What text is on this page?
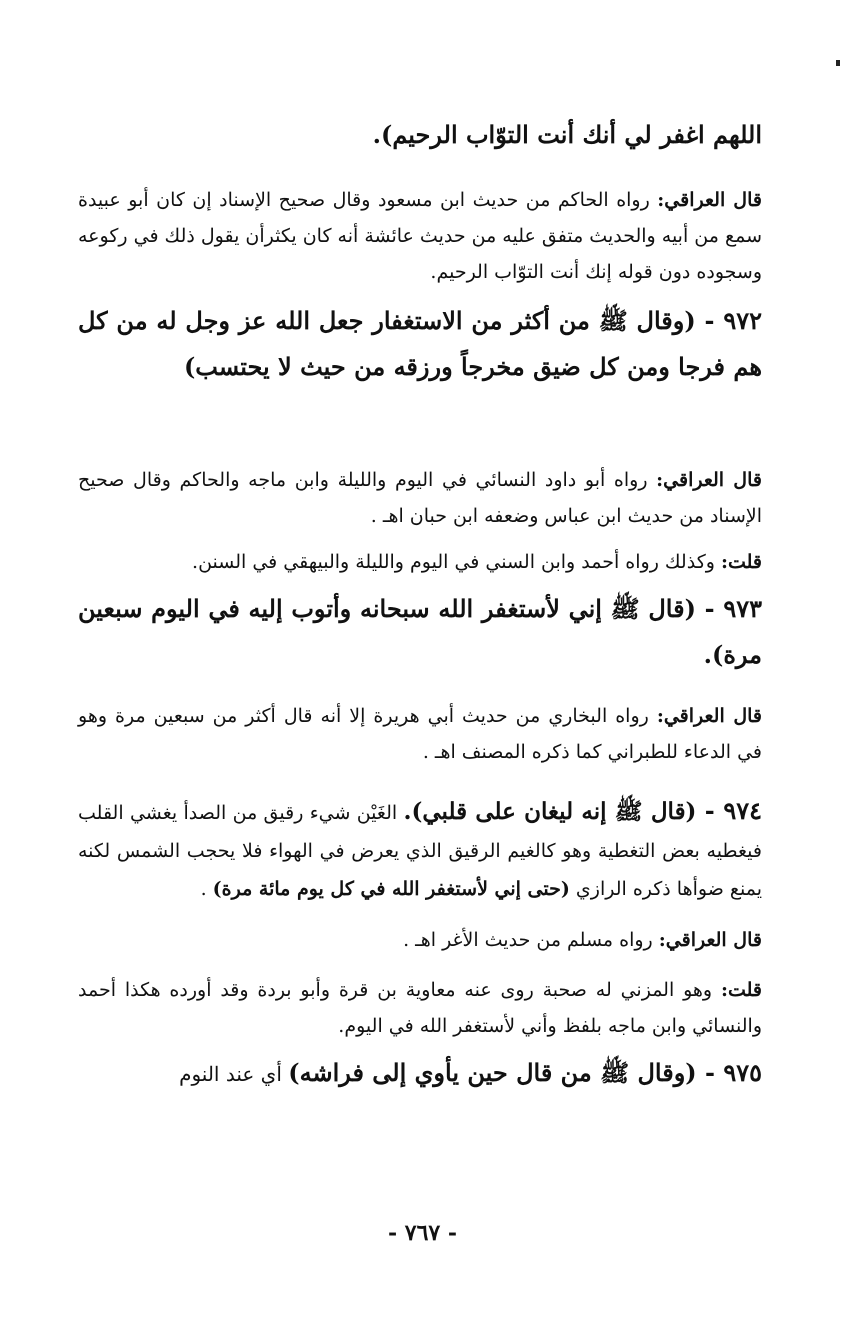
اللهم اغفر لي أنك أنت التوّاب الرحيم).

قال العراقي: رواه الحاكم من حديث ابن مسعود وقال صحيح الإسناد إن كان أبو عبيدة سمع من أبيه والحديث متفق عليه من حديث عائشة أنه كان يكثرأن يقول ذلك في ركوعه وسجوده دون قوله إنك أنت التوّاب الرحيم.

٩٧٢ - (وقال ﷺ من أكثر من الاستغفار جعل الله عز وجل له من كل هم فرجا ومن كل ضيق مخرجاً ورزقه من حيث لا يحتسب)

قال العراقي: رواه أبو داود النسائي في اليوم والليلة وابن ماجه والحاكم وقال صحيح الإسناد من حديث ابن عباس وضعفه ابن حبان اهـ .

قلت: وكذلك رواه أحمد وابن السني في اليوم والليلة والبيهقي في السنن.

٩٧٣ - (قال ﷺ إني لأستغفر الله سبحانه وأتوب إليه في اليوم سبعين مرة).

قال العراقي: رواه البخاري من حديث أبي هريرة إلا أنه قال أكثر من سبعين مرة وهو في الدعاء للطبراني كما ذكره المصنف اهـ .

٩٧٤ - (قال ﷺ إنه ليغان على قلبي). الغَيْن شيء رقيق من الصدأ يغشي القلب فيغطيه بعض التغطية وهو كالغيم الرقيق الذي يعرض في الهواء فلا يحجب الشمس لكنه يمنع ضوأها ذكره الرازي (حتى إني لأستغفر الله في كل يوم مائة مرة) .

قال العراقي: رواه مسلم من حديث الأغر اهـ .

قلت: وهو المزني له صحبة روى عنه معاوية بن قرة وأبو بردة وقد أورده هكذا أحمد والنسائي وابن ماجه بلفظ وأني لأستغفر الله في اليوم.

٩٧٥ - (وقال ﷺ من قال حين يأوي إلى فراشه) أي عند النوم

- ٧٦٧ -
